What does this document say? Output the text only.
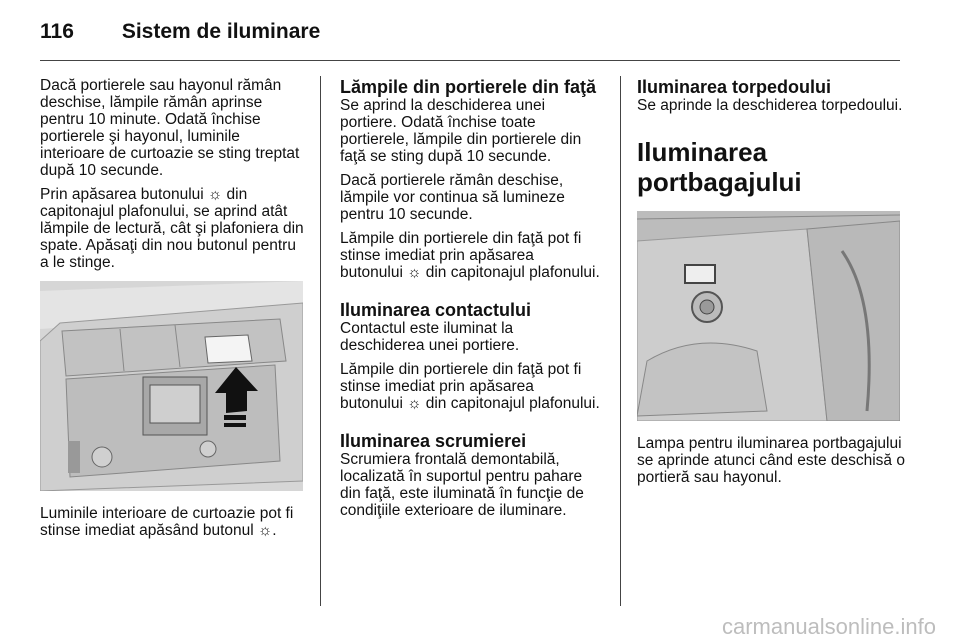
116 Sistem de iluminare

Dacă portierele sau hayonul rămân deschise, lămpile rămân aprinse pentru 10 minute. Odată închise portierele şi hayonul, luminile interioare de curtoazie se sting treptat după 10 secunde.

Prin apăsarea butonului ☼ din capitonajul plafonului, se aprind atât lămpile de lectură, cât şi plafoniera din spate. Apăsaţi din nou butonul pentru a le stinge.

Luminile interioare de curtoazie pot fi stinse imediat apăsând butonul ☼.

Lămpile din portierele din faţă

Se aprind la deschiderea unei portiere. Odată închise toate portierele, lămpile din portierele din faţă se sting după 10 secunde.

Dacă portierele rămân deschise, lămpile vor continua să lumineze pentru 10 secunde.

Lămpile din portierele din faţă pot fi stinse imediat prin apăsarea butonului ☼ din capitonajul plafonului.

Iluminarea contactului

Contactul este iluminat la deschiderea unei portiere.

Lămpile din portierele din faţă pot fi stinse imediat prin apăsarea butonului ☼ din capitonajul plafonului.

Iluminarea scrumierei

Scrumiera frontală demontabilă, localizată în suportul pentru pahare din faţă, este iluminată în funcţie de condiţiile exterioare de iluminare.

Iluminarea torpedoului

Se aprinde la deschiderea torpedoului.

Iluminarea portbagajului

Lampa pentru iluminarea portbagajului se aprinde atunci când este deschisă o portieră sau hayonul.

carmanualsonline.info
